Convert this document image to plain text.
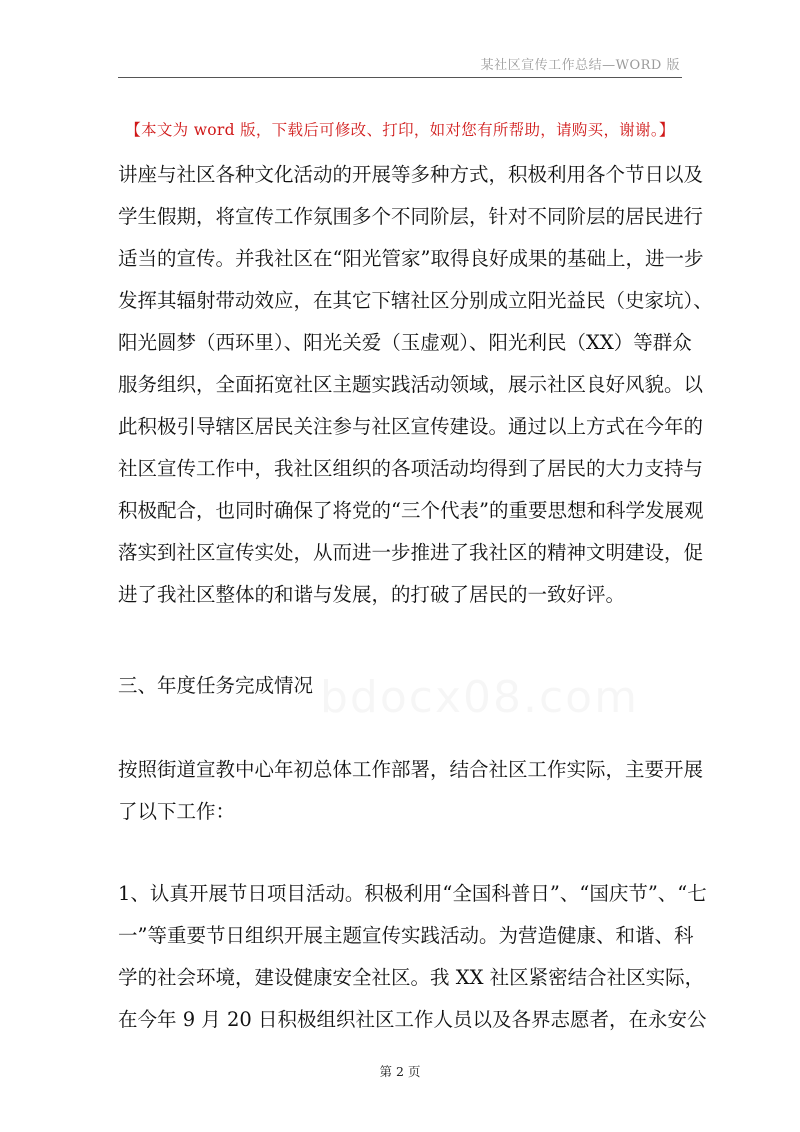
某社区宣传工作总结—WORD 版
【本文为 word 版，下载后可修改、打印，如对您有所帮助，请购买，谢谢。】
讲座与社区各种文化活动的开展等多种方式，积极利用各个节日以及
学生假期，将宣传工作氛围多个不同阶层，针对不同阶层的居民进行
适当的宣传。并我社区在“阳光管家”取得良好成果的基础上，进一步
发挥其辐射带动效应，在其它下辖社区分别成立阳光益民（史家坑）、
阳光圆梦（西环里）、阳光关爱（玉虚观）、阳光利民（XX）等群众
服务组织，全面拓宽社区主题实践活动领域，展示社区良好风貌。以
此积极引导辖区居民关注参与社区宣传建设。通过以上方式在今年的
社区宣传工作中，我社区组织的各项活动均得到了居民的大力支持与
积极配合，也同时确保了将党的“三个代表”的重要思想和科学发展观
落实到社区宣传实处，从而进一步推进了我社区的精神文明建设，促
进了我社区整体的和谐与发展，的打破了居民的一致好评。
三、年度任务完成情况
按照街道宣教中心年初总体工作部署，结合社区工作实际，主要开展
了以下工作：
1、认真开展节日项目活动。积极利用“全国科普日”、“国庆节”、“七
一”等重要节日组织开展主题宣传实践活动。为营造健康、和谐、科
学的社会环境，建设健康安全社区。我 XX 社区紧密结合社区实际，
在今年 9 月 20 日积极组织社区工作人员以及各界志愿者，在永安公
第 2 页
